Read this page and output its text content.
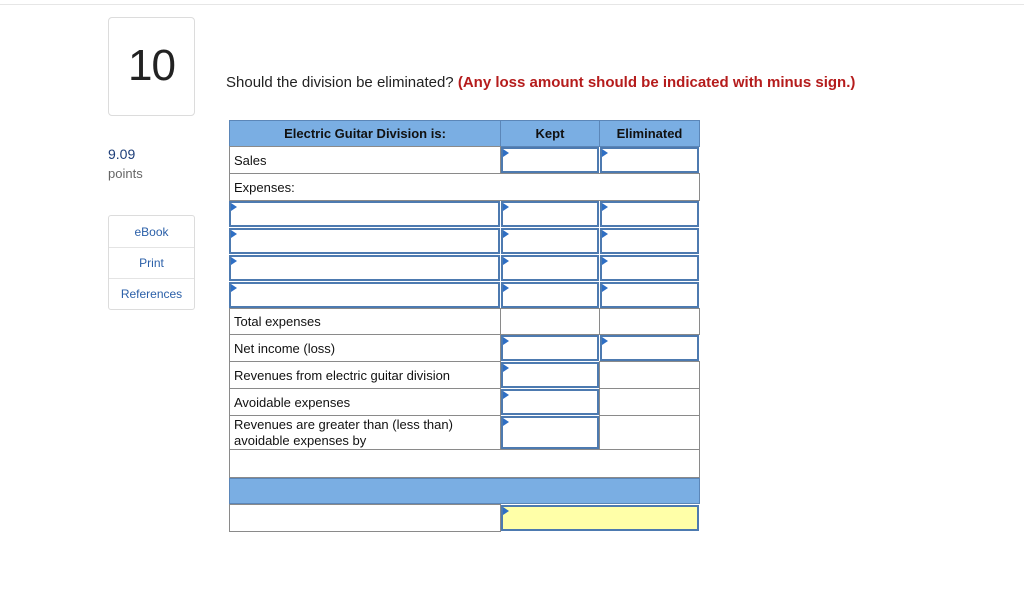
10
9.09
points
eBook
Print
References
Should the division be eliminated? (Any loss amount should be indicated with minus sign.)
Electric Guitar Division is:	Kept	Eliminated
Sales
Expenses:
Total expenses
Net income (loss)
Revenues from electric guitar division
Avoidable expenses
Revenues are greater than (less than) avoidable expenses by
